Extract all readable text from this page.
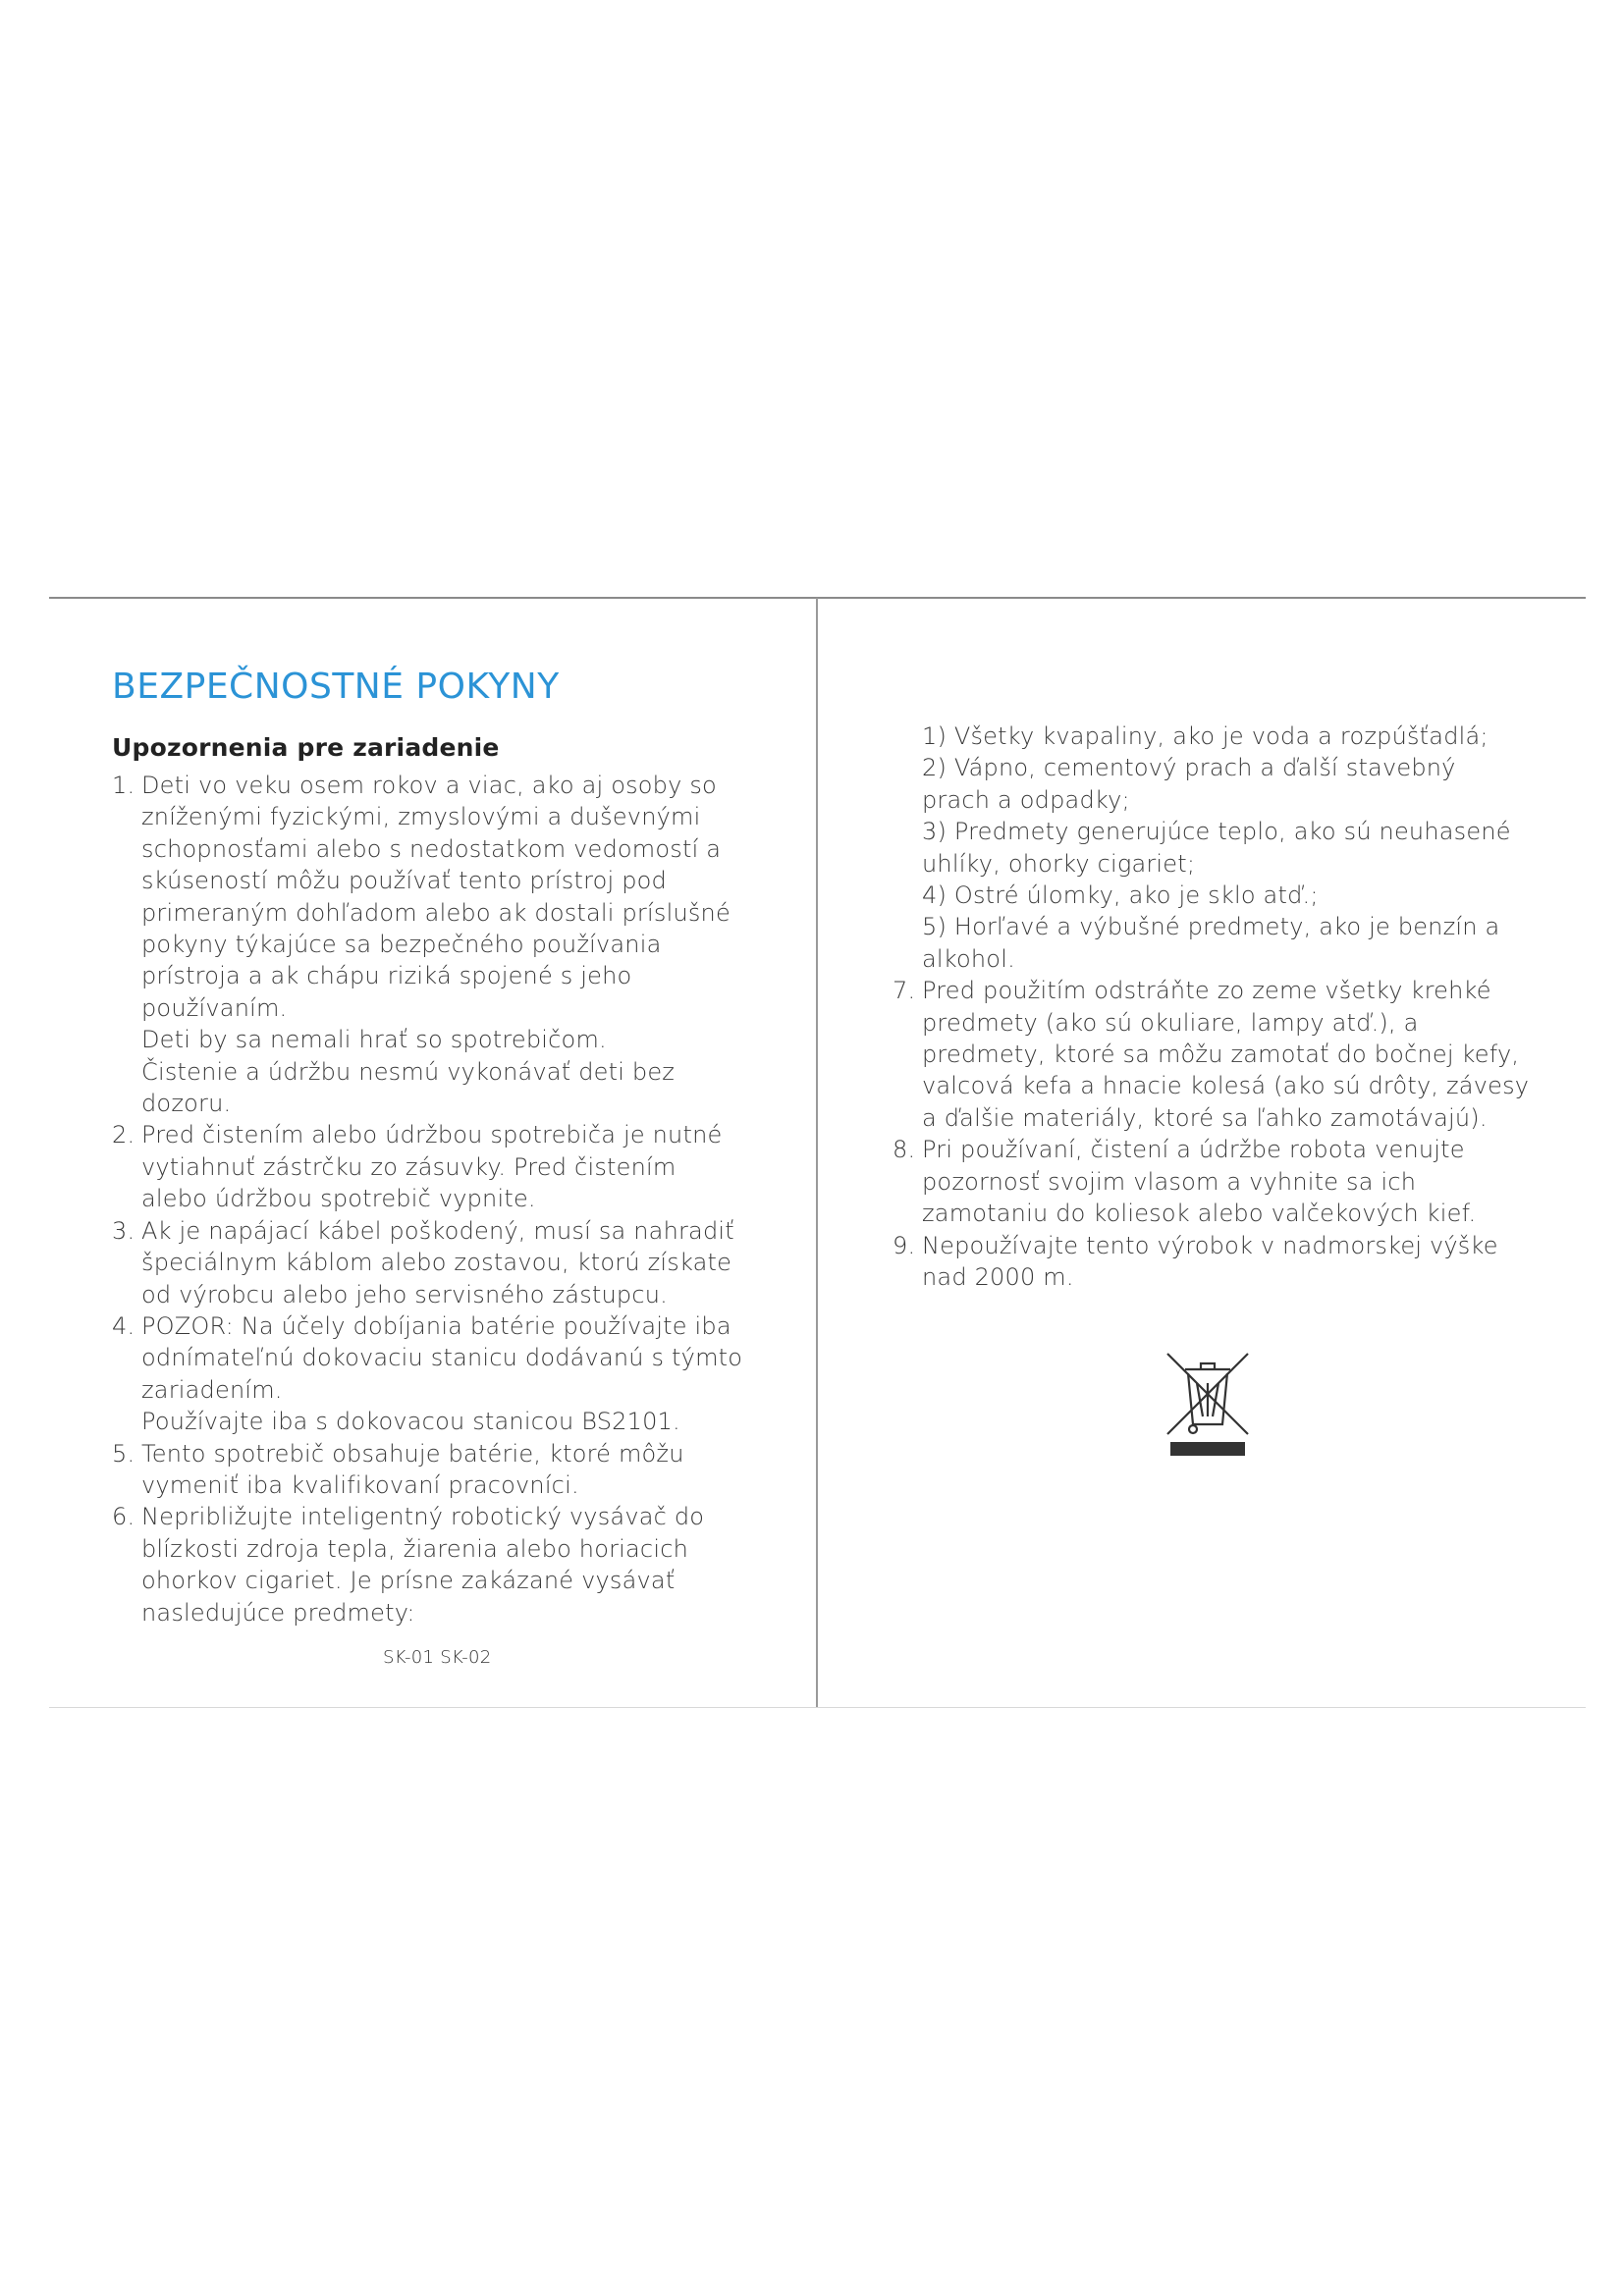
BEZPEČNOSTNÉ POKYNY
Upozornenia pre zariadenie
1. Deti vo veku osem rokov a viac, ako aj osoby so
zníženými fyzickými, zmyslovými a duševnými
schopnosťami alebo s nedostatkom vedomostí a
skúseností môžu používať tento prístroj pod
primeraným dohľadom alebo ak dostali príslušné
pokyny týkajúce sa bezpečného používania
prístroja a ak chápu riziká spojené s jeho
používaním.
Deti by sa nemali hrať so spotrebičom.
Čistenie a údržbu nesmú vykonávať deti bez
dozoru.
2. Pred čistením alebo údržbou spotrebiča je nutné
vytiahnuť zástrčku zo zásuvky. Pred čistením
alebo údržbou spotrebič vypnite.
3. Ak je napájací kábel poškodený, musí sa nahradiť
špeciálnym káblom alebo zostavou, ktorú získate
od výrobcu alebo jeho servisného zástupcu.
4. POZOR: Na účely dobíjania batérie používajte iba
odnímateľnú dokovaciu stanicu dodávanú s týmto
zariadením.
Používajte iba s dokovacou stanicou BS2101.
5. Tento spotrebič obsahuje batérie, ktoré môžu
vymeniť iba kvalifikovaní pracovníci.
6. Nepribližujte inteligentný robotický vysávač do
blízkosti zdroja tepla, žiarenia alebo horiacich
ohorkov cigariet. Je prísne zakázané vysávať
nasledujúce predmety:
1) Všetky kvapaliny, ako je voda a rozpúšťadlá;
2) Vápno, cementový prach a ďalší stavebný
prach a odpadky;
3) Predmety generujúce teplo, ako sú neuhasené
uhlíky, ohorky cigariet;
4) Ostré úlomky, ako je sklo atď.;
5) Horľavé a výbušné predmety, ako je benzín a
alkohol.
7. Pred použitím odstráňte zo zeme všetky krehké
predmety (ako sú okuliare, lampy atď.), a
predmety, ktoré sa môžu zamotať do bočnej kefy,
valcová kefa a hnacie kolesá (ako sú drôty, závesy
a ďalšie materiály, ktoré sa ľahko zamotávajú).
8. Pri používaní, čistení a údržbe robota venujte
pozornosť svojim vlasom a vyhnite sa ich
zamotaniu do koliesok alebo valčekových kief.
9. Nepoužívajte tento výrobok v nadmorskej výške
nad 2000 m.
SK-01 SK-02
